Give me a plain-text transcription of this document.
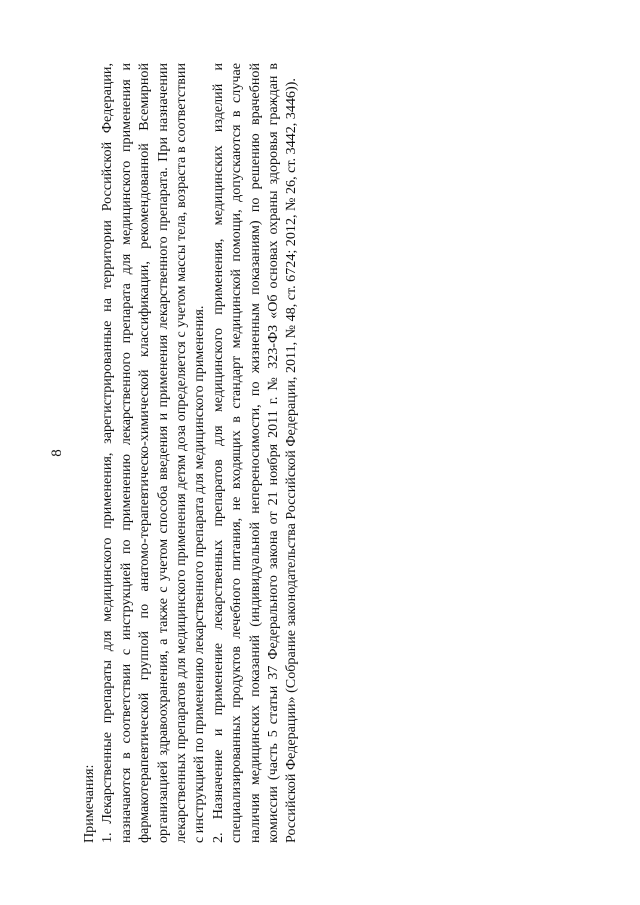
8

Примечания: 1. Лекарственные препараты для медицинского применения, зарегистрированные на территории Российской Федерации, назначаются в соответствии с инструкцией по применению лекарственного препарата для медицинского применения и фармакотерапевтической группой по анатомо-терапевтическо-химической классификации, рекомендованной Всемирной организацией здравоохранения, а также с учетом способа введения и применения лекарственного препарата. При назначении лекарственных препаратов для медицинского применения детям доза определяется с учетом массы тела, возраста в соответствии с инструкцией по применению лекарственного препарата для медицинского применения. 2. Назначение и применение лекарственных препаратов для медицинского применения, медицинских изделий и специализированных продуктов лечебного питания, не входящих в стандарт медицинской помощи, допускаются в случае наличия медицинских показаний (индивидуальной непереносимости, по жизненным показаниям) по решению врачебной комиссии (часть 5 статьи 37 Федерального закона от 21 ноября 2011 г. № 323-ФЗ «Об основах охраны здоровья граждан в Российской Федерации» (Собрание законодательства Российской Федерации, 2011, № 48, ст. 6724; 2012, № 26, ст. 3442, 3446)).
